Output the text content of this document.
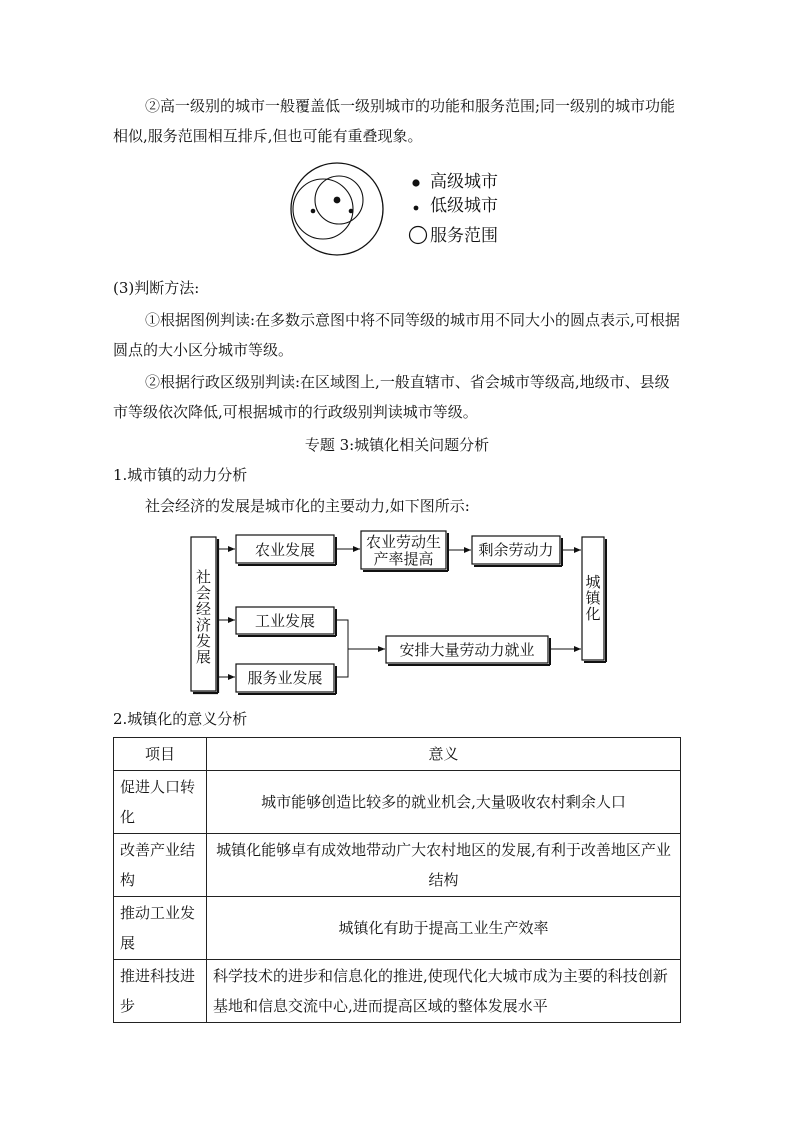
②高一级别的城市一般覆盖低一级别城市的功能和服务范围;同一级别的城市功能相似,服务范围相互排斥,但也可能有重叠现象。

高级城市
低级城市
服务范围

(3)判断方法:

①根据图例判读:在多数示意图中将不同等级的城市用不同大小的圆点表示,可根据圆点的大小区分城市等级。

②根据行政区级别判读:在区域图上,一般直辖市、省会城市等级高,地级市、县级市等级依次降低,可根据城市的行政级别判读城市等级。

专题 3:城镇化相关问题分析

1.城市镇的动力分析

社会经济的发展是城市化的主要动力,如下图所示:

社
会
经
济
发
展
农业发展	农业劳动生
产率提高	剩余劳动力
工业发展
服务业发展
安排大量劳动力就业
城
镇
化

2.城镇化的意义分析

项目	意义
促进人口转化	城市能够创造比较多的就业机会,大量吸收农村剩余人口
改善产业结构	城镇化能够卓有成效地带动广大农村地区的发展,有利于改善地区产业结构
推动工业发展	城镇化有助于提高工业生产效率
推进科技进步	科学技术的进步和信息化的推进,使现代化大城市成为主要的科技创新基地和信息交流中心,进而提高区域的整体发展水平
